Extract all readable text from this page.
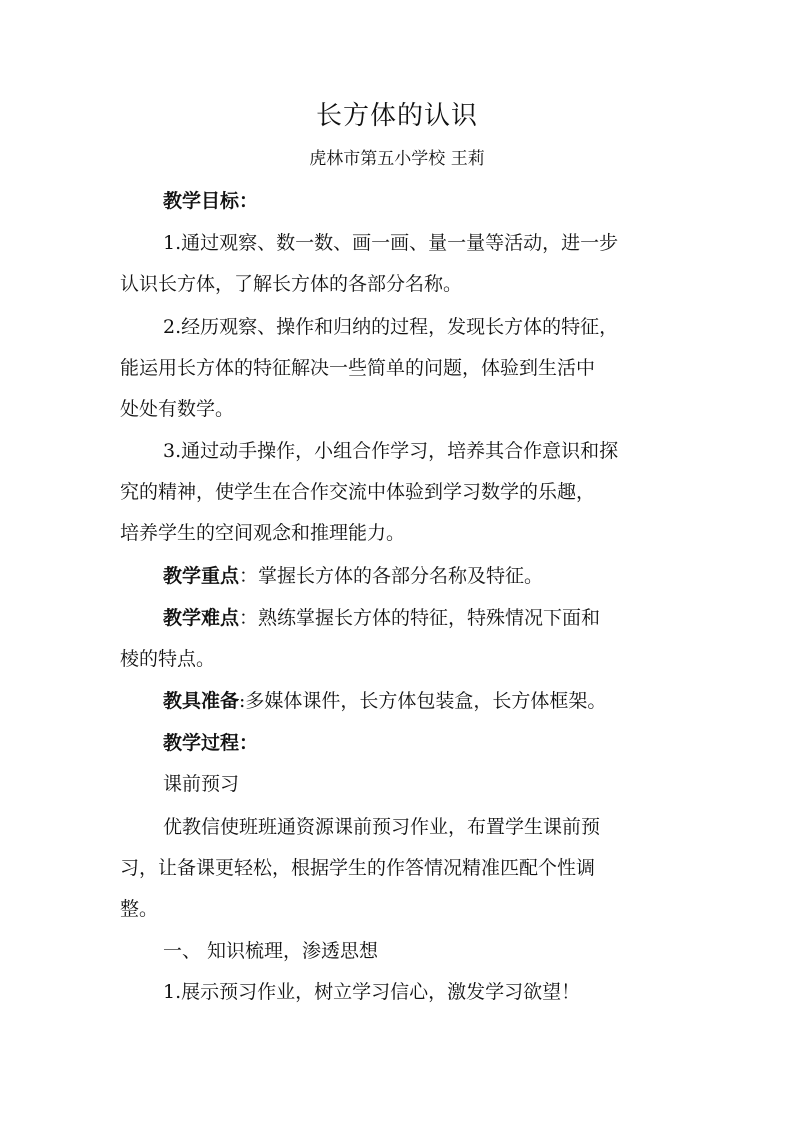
长方体的认识
虎林市第五小学校 王莉
教学目标：
1.通过观察、数一数、画一画、量一量等活动，进一步
认识长方体，了解长方体的各部分名称。
2.经历观察、操作和归纳的过程，发现长方体的特征，
能运用长方体的特征解决一些简单的问题，体验到生活中
处处有数学。
3.通过动手操作，小组合作学习，培养其合作意识和探
究的精神，使学生在合作交流中体验到学习数学的乐趣，
培养学生的空间观念和推理能力。
教学重点：掌握长方体的各部分名称及特征。
教学难点：熟练掌握长方体的特征，特殊情况下面和
棱的特点。
教具准备:多媒体课件，长方体包装盒，长方体框架。
教学过程：
课前预习
优教信使班班通资源课前预习作业，布置学生课前预
习，让备课更轻松，根据学生的作答情况精准匹配个性调
整。
一、 知识梳理，渗透思想
1.展示预习作业，树立学习信心，激发学习欲望！
